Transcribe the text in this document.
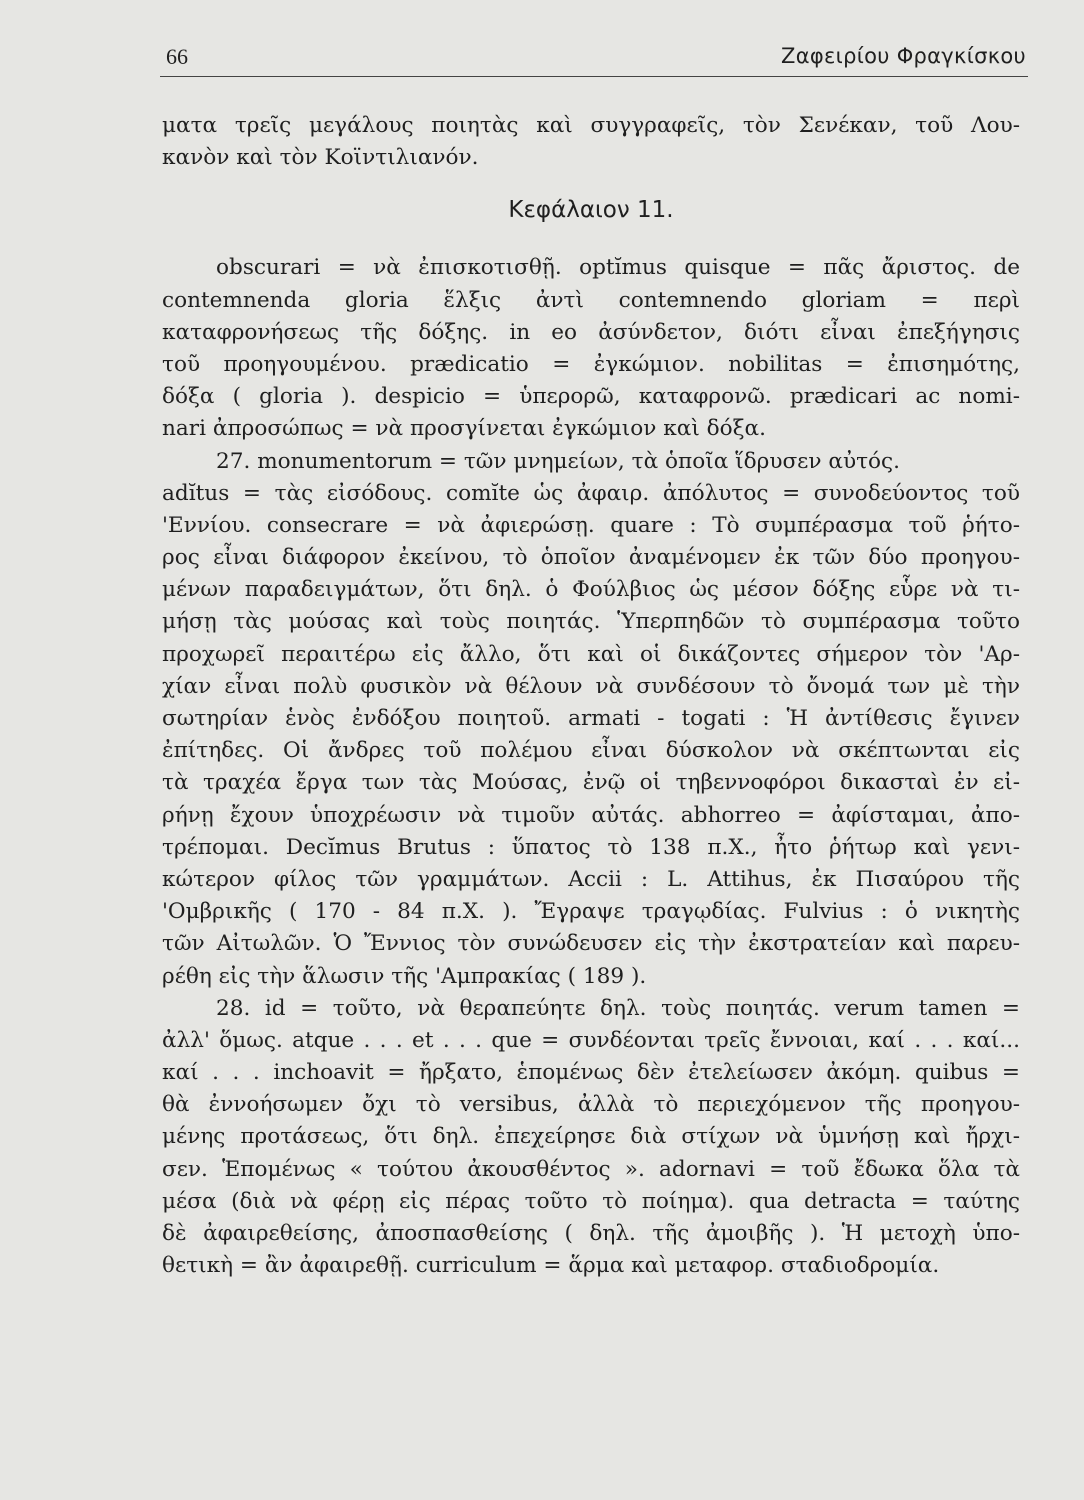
66	Ζαφειρίου Φραγκίσκου
ματα τρεῖς μεγάλους ποιητὰς καὶ συγγραφεῖς, τὸν Σενέκαν, τοῦ Λου-
κανὸν καὶ τὸν Κοϊντιλιανόν.
Κεφάλαιον 11.
obscurari = νὰ ἐπισκοτισθῇ. optĭmus quisque = πᾶς ἄριστος. de
contemnenda gloria ἕλξις ἀντὶ contemnendo gloriam = περὶ
καταφρονήσεως τῆς δόξης. in eo ἀσύνδετον, διότι εἶναι ἐπεξήγησις
τοῦ προηγουμένου. prædicatio = ἐγκώμιον. nobilitas = ἐπισημότης,
δόξα ( gloria ). despicio = ὑπερορῶ, καταφρονῶ. prædicari ac nomi-
nari ἀπροσώπως = νὰ προσγίνεται ἐγκώμιον καὶ δόξα.
27. monumentorum = τῶν μνημείων, τὰ ὁποῖα ἵδρυσεν αὐτός.
adĭtus = τὰς εἰσόδους. comĭte ὡς ἀφαιρ. ἀπόλυτος = συνοδεύοντος τοῦ
'Εννίου. consecrare = νὰ ἀφιερώσῃ. quare : Τὸ συμπέρασμα τοῦ ῥήτο-
ρος εἶναι διάφορον ἐκείνου, τὸ ὁποῖον ἀναμένομεν ἐκ τῶν δύο προηγου-
μένων παραδειγμάτων, ὅτι δηλ. ὁ Φούλβιος ὡς μέσον δόξης εὗρε νὰ τι-
μήσῃ τὰς μούσας καὶ τοὺς ποιητάς. Ὑπερπηδῶν τὸ συμπέρασμα τοῦτο
προχωρεῖ περαιτέρω εἰς ἄλλο, ὅτι καὶ οἱ δικάζοντες σήμερον τὸν 'Αρ-
χίαν εἶναι πολὺ φυσικὸν νὰ θέλουν νὰ συνδέσουν τὸ ὄνομά των μὲ τὴν
σωτηρίαν ἑνὸς ἐνδόξου ποιητοῦ. armati - togati : Ἡ ἀντίθεσις ἔγινεν
ἐπίτηδες. Οἱ ἄνδρες τοῦ πολέμου εἶναι δύσκολον νὰ σκέπτωνται εἰς
τὰ τραχέα ἔργα των τὰς Μούσας, ἐνῷ οἱ τηβεννοφόροι δικασταὶ ἐν εἰ-
ρήνῃ ἔχουν ὑποχρέωσιν νὰ τιμοῦν αὐτάς. abhorreo = ἀφίσταμαι, ἀπο-
τρέπομαι. Decĭmus Brutus : ὕπατος τὸ 138 π.Χ., ἦτο ῥήτωρ καὶ γενι-
κώτερον φίλος τῶν γραμμάτων. Accii : L. Attihus, ἐκ Πισαύρου τῆς
'Ομβρικῆς ( 170 - 84 π.Χ. ). Ἔγραψε τραγῳδίας. Fulvius : ὁ νικητὴς
τῶν Αἰτωλῶν. Ὁ Ἔννιος τὸν συνώδευσεν εἰς τὴν ἐκστρατείαν καὶ παρευ-
ρέθη εἰς τὴν ἅλωσιν τῆς 'Αμπρακίας ( 189 ).
28. id = τοῦτο, νὰ θεραπεύητε δηλ. τοὺς ποιητάς. verum tamen =
ἀλλ' ὅμως. atque . . . et . . . que = συνδέονται τρεῖς ἔννοιαι, καί . . . καί...
καί . . . inchoavit = ἤρξατο, ἑπομένως δὲν ἐτελείωσεν ἀκόμη. quibus =
θὰ ἐννοήσωμεν ὄχι τὸ versibus, ἀλλὰ τὸ περιεχόμενον τῆς προηγου-
μένης προτάσεως, ὅτι δηλ. ἐπεχείρησε διὰ στίχων νὰ ὑμνήσῃ καὶ ἤρχι-
σεν. Ἑπομένως « τούτου ἀκουσθέντος ». adornavi = τοῦ ἔδωκα ὅλα τὰ
μέσα (διὰ νὰ φέρῃ εἰς πέρας τοῦτο τὸ ποίημα). qua detracta = ταύτης
δὲ ἀφαιρεθείσης, ἀποσπασθείσης ( δηλ. τῆς ἀμοιβῆς ). Ἡ μετοχὴ ὑπο-
θετικὴ = ἂν ἀφαιρεθῇ. curriculum = ἅρμα καὶ μεταφορ. σταδιοδρομία.
